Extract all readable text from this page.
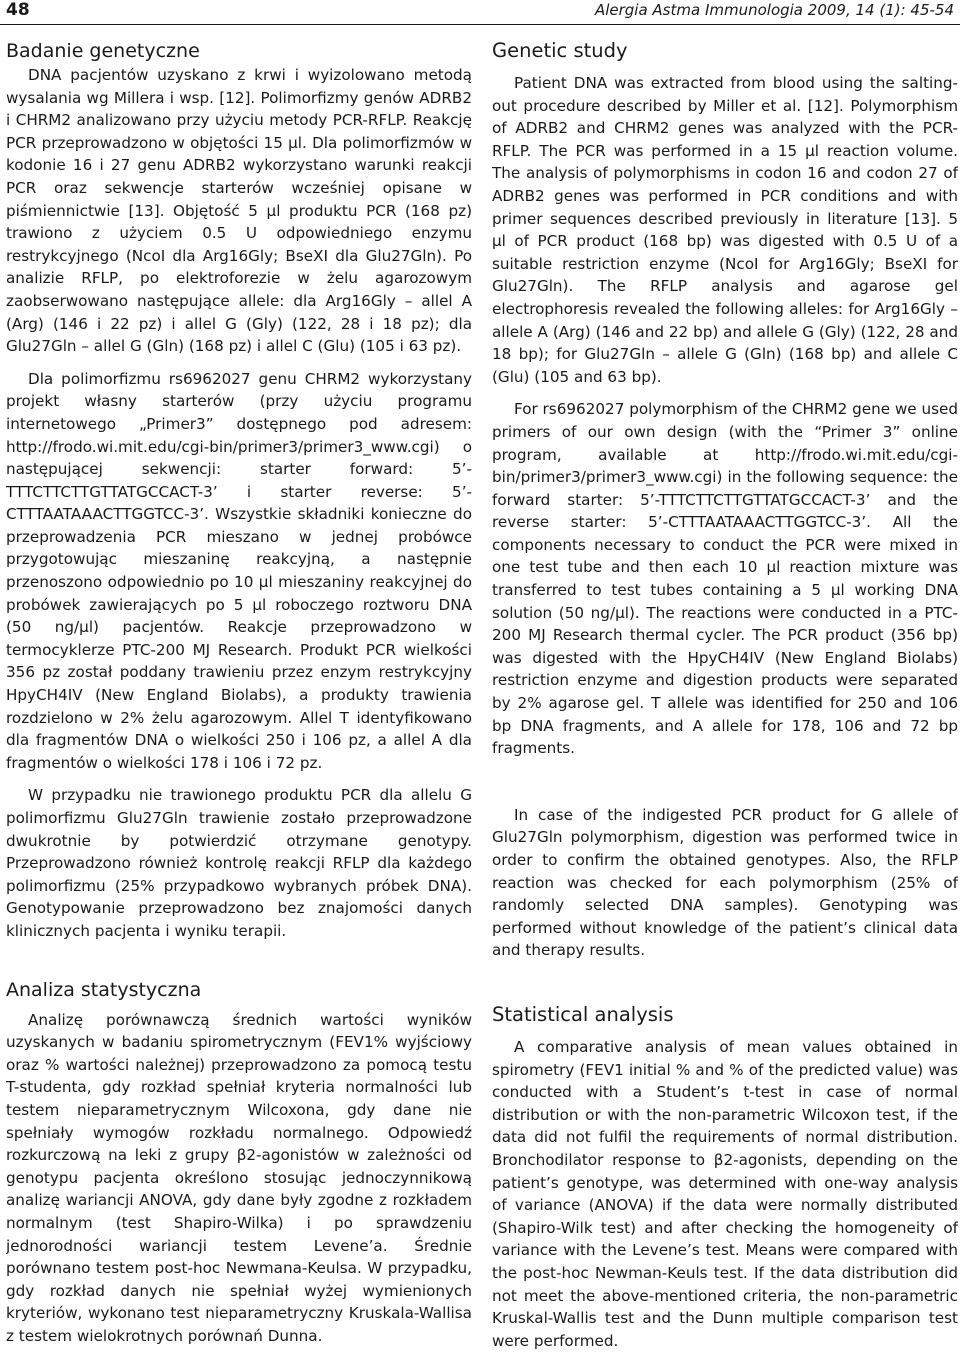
48	Alergia Astma Immunologia 2009, 14 (1): 45-54
Badanie genetyczne

DNA pacjentów uzyskano z krwi i wyizolowano metodą wysalania wg Millera i wsp. [12]. Polimorfizmy genów ADRB2 i CHRM2 analizowano przy użyciu metody PCR-RFLP. Reakcję PCR przeprowadzono w objętości 15 µl. Dla polimorfizmów w kodonie 16 i 27 genu ADRB2 wykorzystano warunki reakcji PCR oraz sekwencje starterów wcześniej opisane w piśmiennictwie [13]. Objętość 5 µl produktu PCR (168 pz) trawiono z użyciem 0.5 U odpowiedniego enzymu restrykcyjnego (NcoI dla Arg16Gly; BseXI dla Glu27Gln). Po analizie RFLP, po elektroforezie w żelu agarozowym zaobserwowano następujące allele: dla Arg16Gly – allel A (Arg) (146 i 22 pz) i allel G (Gly) (122, 28 i 18 pz); dla Glu27Gln – allel G (Gln) (168 pz) i allel C (Glu) (105 i 63 pz).

Dla polimorfizmu rs6962027 genu CHRM2 wykorzystany projekt własny starterów (przy użyciu programu internetowego „Primer3” dostępnego pod adresem: http://frodo.wi.mit.edu/cgi-bin/primer3/primer3_www.cgi) o następującej sekwencji: starter forward: 5’-TTTCTTCTTGTTATGCCACT-3’ i starter reverse: 5’-CTTTAATAAACTTGGTCC-3’. Wszystkie składniki konieczne do przeprowadzenia PCR mieszano w jednej probówce przygotowując mieszaninę reakcyjną, a następnie przenoszono odpowiednio po 10 µl mieszaniny reakcyjnej do probówek zawierających po 5 µl roboczego roztworu DNA (50 ng/µl) pacjentów. Reakcje przeprowadzono w termocyklerze PTC-200 MJ Research. Produkt PCR wielkości 356 pz został poddany trawieniu przez enzym restrykcyjny HpyCH4IV (New England Biolabs), a produkty trawienia rozdzielono w 2% żelu agarozowym. Allel T identyfikowano dla fragmentów DNA o wielkości 250 i 106 pz, a allel A dla fragmentów o wielkości 178 i 106 i 72 pz.

W przypadku nie trawionego produktu PCR dla allelu G polimorfizmu Glu27Gln trawienie zostało przeprowadzone dwukrotnie by potwierdzić otrzymane genotypy. Przeprowadzono również kontrolę reakcji RFLP dla każdego polimorfizmu (25% przypadkowo wybranych próbek DNA). Genotypowanie przeprowadzono bez znajomości danych klinicznych pacjenta i wyniku terapii.

Analiza statystyczna

Analizę porównawczą średnich wartości wyników uzyskanych w badaniu spirometrycznym (FEV1% wyjściowy oraz % wartości należnej) przeprowadzono za pomocą testu T-studenta, gdy rozkład spełniał kryteria normalności lub testem nieparametrycznym Wilcoxona, gdy dane nie spełniały wymogów rozkładu normalnego. Odpowiedź rozkurczową na leki z grupy β2-agonistów w zależności od genotypu pacjenta określono stosując jednoczynnikową analizę wariancji ANOVA, gdy dane były zgodne z rozkładem normalnym (test Shapiro-Wilka) i po sprawdzeniu jednorodności wariancji testem Levene’a. Średnie porównano testem post-hoc Newmana-Keulsa. W przypadku, gdy rozkład danych nie spełniał wyżej wymienionych kryteriów, wykonano test nieparametryczny Kruskala-Wallisa z testem wielokrotnych porównań Dunna.

Genetic study

Patient DNA was extracted from blood using the salting-out procedure described by Miller et al. [12]. Polymorphism of ADRB2 and CHRM2 genes was analyzed with the PCR-RFLP. The PCR was performed in a 15 µl reaction volume. The analysis of polymorphisms in codon 16 and codon 27 of ADRB2 genes was performed in PCR conditions and with primer sequences described previously in literature [13]. 5 µl of PCR product (168 bp) was digested with 0.5 U of a suitable restriction enzyme (NcoI for Arg16Gly; BseXI for Glu27Gln). The RFLP analysis and agarose gel electrophoresis revealed the following alleles: for Arg16Gly – allele A (Arg) (146 and 22 bp) and allele G (Gly) (122, 28 and 18 bp); for Glu27Gln – allele G (Gln) (168 bp) and allele C (Glu) (105 and 63 bp).

For rs6962027 polymorphism of the CHRM2 gene we used primers of our own design (with the “Primer 3” online program, available at http://frodo.wi.mit.edu/cgi-bin/primer3/primer3_www.cgi) in the following sequence: the forward starter: 5’-TTTCTTCTTGTTATGCCACT-3’ and the reverse starter: 5’-CTTTAATAAACTTGGTCC-3’. All the components necessary to conduct the PCR were mixed in one test tube and then each 10 µl reaction mixture was transferred to test tubes containing a 5 µl working DNA solution (50 ng/µl). The reactions were conducted in a PTC-200 MJ Research thermal cycler. The PCR product (356 bp) was digested with the HpyCH4IV (New England Biolabs) restriction enzyme and digestion products were separated by 2% agarose gel. T allele was identified for 250 and 106 bp DNA fragments, and A allele for 178, 106 and 72 bp fragments.

In case of the indigested PCR product for G allele of Glu27Gln polymorphism, digestion was performed twice in order to confirm the obtained genotypes. Also, the RFLP reaction was checked for each polymorphism (25% of randomly selected DNA samples). Genotyping was performed without knowledge of the patient’s clinical data and therapy results.

Statistical analysis

A comparative analysis of mean values obtained in spirometry (FEV1 initial % and % of the predicted value) was conducted with a Student’s t-test in case of normal distribution or with the non-parametric Wilcoxon test, if the data did not fulfil the requirements of normal distribution. Bronchodilator response to β2-agonists, depending on the patient’s genotype, was determined with one-way analysis of variance (ANOVA) if the data were normally distributed (Shapiro-Wilk test) and after checking the homogeneity of variance with the Levene’s test. Means were compared with the post-hoc Newman-Keuls test. If the data distribution did not meet the above-mentioned criteria, the non-parametric Kruskal-Wallis test and the Dunn multiple comparison test were performed.
